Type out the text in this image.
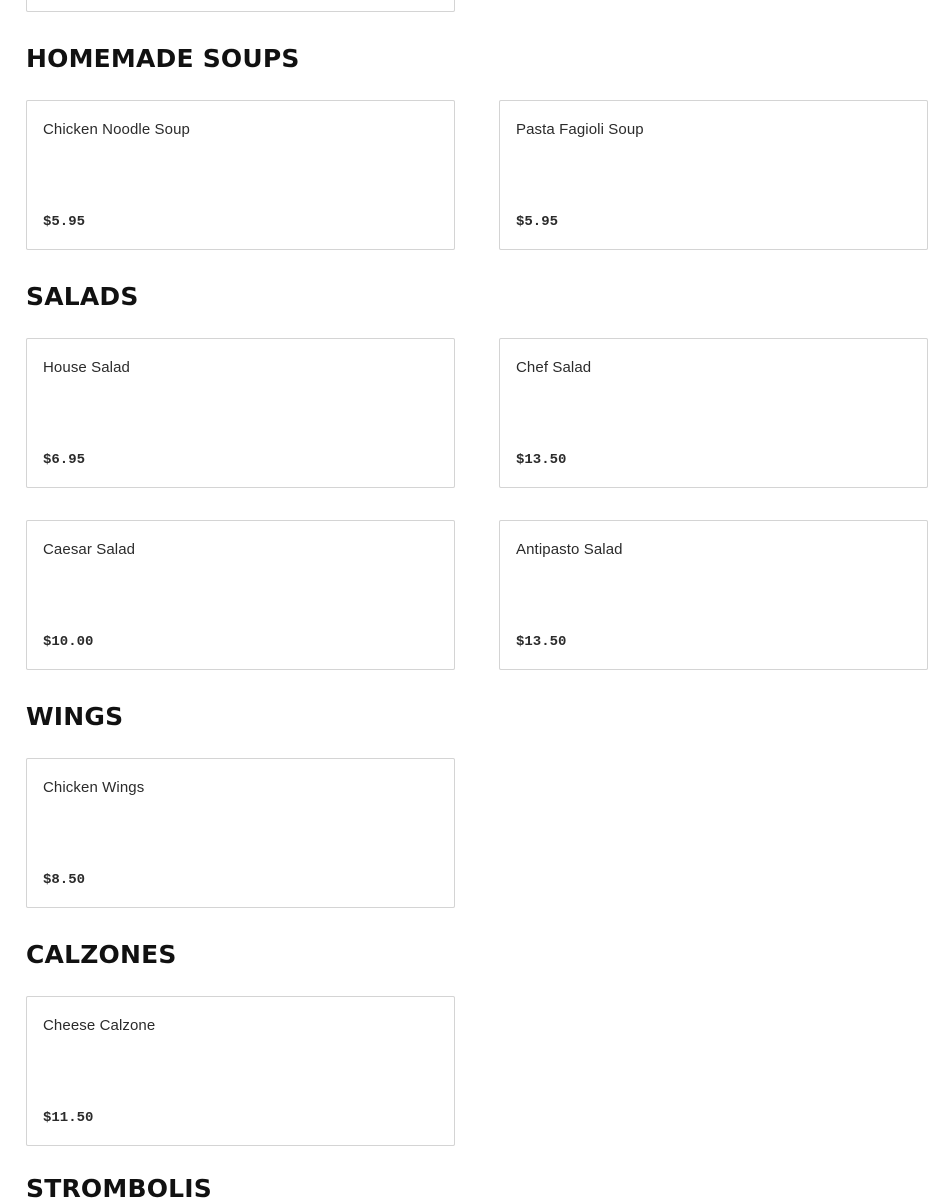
HOMEMADE SOUPS
Chicken Noodle Soup
$5.95
Pasta Fagioli Soup
$5.95
SALADS
House Salad
$6.95
Chef Salad
$13.50
Caesar Salad
$10.00
Antipasto Salad
$13.50
WINGS
Chicken Wings
$8.50
CALZONES
Cheese Calzone
$11.50
STROMBOLIS
